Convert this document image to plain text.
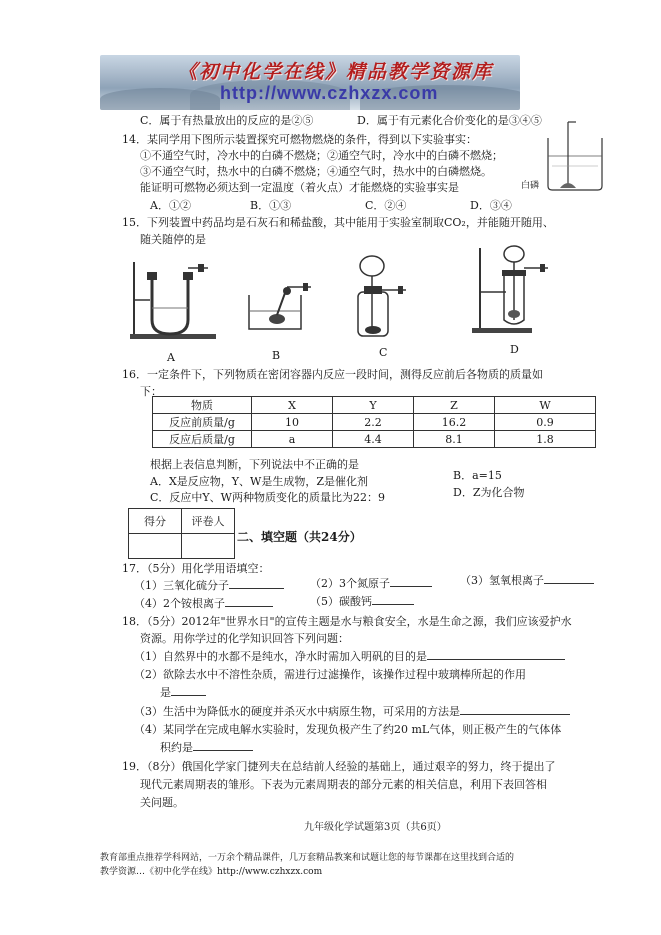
《初中化学在线》精品教学资源库
http://www.czhxzx.com
C．属于有热量放出的反应的是②⑤	D．属于有元素化合价变化的是③④⑤
14．某同学用下图所示装置探究可燃物燃烧的条件，得到以下实验事实：
①不通空气时，冷水中的白磷不燃烧；②通空气时，冷水中的白磷不燃烧；
③不通空气时，热水中的白磷不燃烧；④通空气时，热水中的白磷燃烧。
能证明可燃物必须达到一定温度（着火点）才能燃烧的实验事实是
A．①②	B．①③	C．②④	D．③④
白磷
15．下列装置中药品均是石灰石和稀盐酸，其中能用于实验室制取CO₂，并能随开随用、
随关随停的是
A	B	C	D
16．一定条件下，下列物质在密闭容器内反应一段时间，测得反应前后各物质的质量如
下：
物质	X	Y	Z	W
反应前质量/g	10	2.2	16.2	0.9
反应后质量/g	a	4.4	8.1	1.8
根据上表信息判断，下列说法中不正确的是
A．X是反应物，Y、W是生成物，Z是催化剂	B．a=15
C．反应中Y、W两种物质变化的质量比为22：9	D．Z为化合物
得分	评卷人

二、填空题（共24分）
17．（5分）用化学用语填空：
（1）三氧化硫分子	（2）3个氮原子	（3）氢氧根离子
（4）2个铵根离子	（5）碳酸钙
18．（5分）2012年"世界水日"的宣传主题是水与粮食安全，水是生命之源，我们应该爱护水
资源。用你学过的化学知识回答下列问题：
（1）自然界中的水都不是纯水，净水时需加入明矾的目的是
（2）欲除去水中不溶性杂质，需进行过滤操作，该操作过程中玻璃棒所起的作用
是
（3）生活中为降低水的硬度并杀灭水中病原生物，可采用的方法是
（4）某同学在完成电解水实验时，发现负极产生了约20 mL气体，则正极产生的气体体
积约是
19．（8分）俄国化学家门捷列夫在总结前人经验的基础上，通过艰辛的努力，终于提出了
现代元素周期表的雏形。下表为元素周期表的部分元素的相关信息，利用下表回答相
关问题。
九年级化学试题第3页（共6页）
教育部重点推荐学科网站，一万余个精品课件，几万套精品教案和试题让您的每节课都在这里找到合适的
教学资源…《初中化学在线》http://www.czhxzx.com
